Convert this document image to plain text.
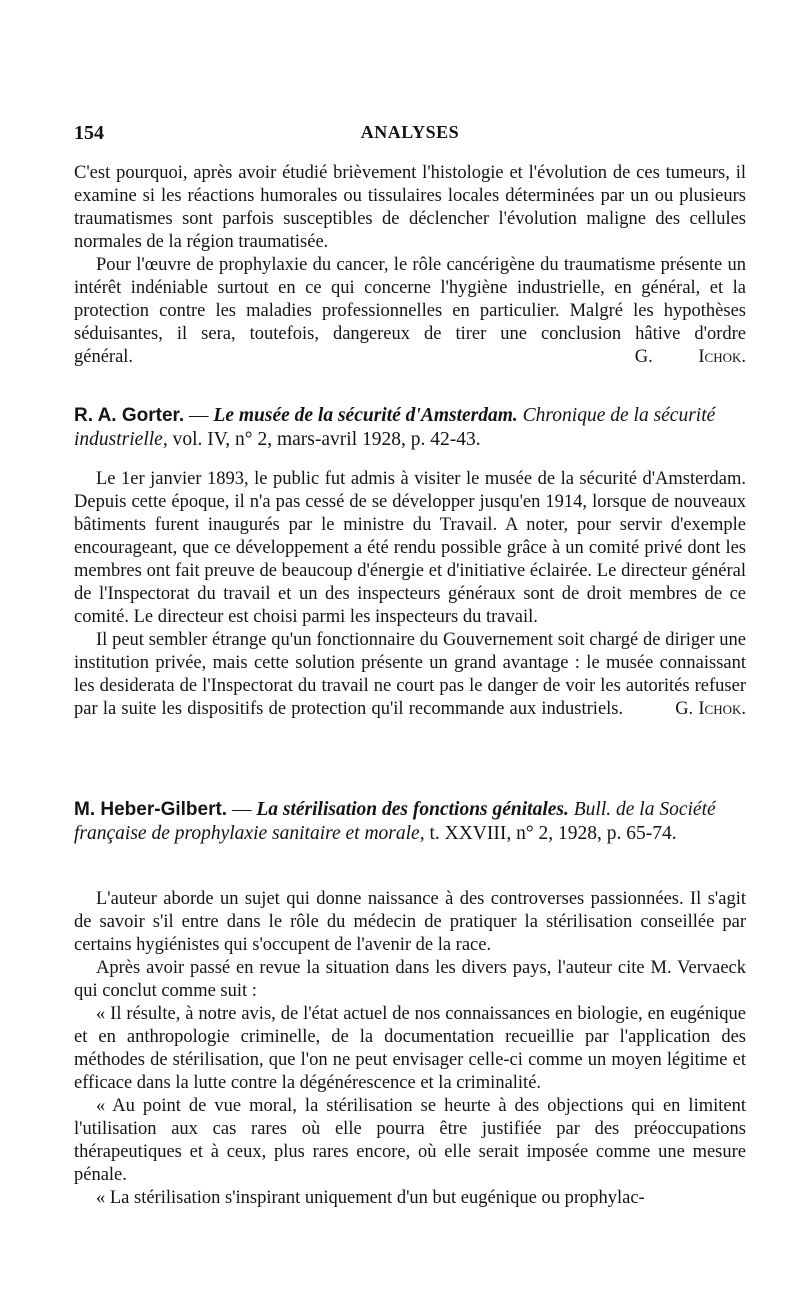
154	ANALYSES

C'est pourquoi, après avoir étudié brièvement l'histologie et l'évolution de ces tumeurs, il examine si les réactions humorales ou tissulaires locales déterminées par un ou plusieurs traumatismes sont parfois susceptibles de déclencher l'évolution maligne des cellules normales de la région traumatisée.

Pour l'œuvre de prophylaxie du cancer, le rôle cancérigène du traumatisme présente un intérêt indéniable surtout en ce qui concerne l'hygiène industrielle, en général, et la protection contre les maladies professionnelles en particulier. Malgré les hypothèses séduisantes, il sera, toutefois, dangereux de tirer une conclusion hâtive d'ordre général.	G. Ichok.

R. A. Gorter. — Le musée de la sécurité d'Amsterdam. Chronique de la sécurité industrielle, vol. IV, n° 2, mars-avril 1928, p. 42-43.

Le 1er janvier 1893, le public fut admis à visiter le musée de la sécurité d'Amsterdam. Depuis cette époque, il n'a pas cessé de se développer jusqu'en 1914, lorsque de nouveaux bâtiments furent inaugurés par le ministre du Travail. A noter, pour servir d'exemple encourageant, que ce développement a été rendu possible grâce à un comité privé dont les membres ont fait preuve de beaucoup d'énergie et d'initiative éclairée. Le directeur général de l'Inspectorat du travail et un des inspecteurs généraux sont de droit membres de ce comité. Le directeur est choisi parmi les inspecteurs du travail.

Il peut sembler étrange qu'un fonctionnaire du Gouvernement soit chargé de diriger une institution privée, mais cette solution présente un grand avantage : le musée connaissant les desiderata de l'Inspectorat du travail ne court pas le danger de voir les autorités refuser par la suite les dispositifs de protection qu'il recommande aux industriels.	G. Ichok.

M. Heber-Gilbert. — La stérilisation des fonctions génitales. Bull. de la Société française de prophylaxie sanitaire et morale, t. XXVIII, n° 2, 1928, p. 65-74.

L'auteur aborde un sujet qui donne naissance à des controverses passionnées. Il s'agit de savoir s'il entre dans le rôle du médecin de pratiquer la stérilisation conseillée par certains hygiénistes qui s'occupent de l'avenir de la race.

Après avoir passé en revue la situation dans les divers pays, l'auteur cite M. Vervaeck qui conclut comme suit :

« Il résulte, à notre avis, de l'état actuel de nos connaissances en biologie, en eugénique et en anthropologie criminelle, de la documentation recueillie par l'application des méthodes de stérilisation, que l'on ne peut envisager celle-ci comme un moyen légitime et efficace dans la lutte contre la dégénérescence et la criminalité.

« Au point de vue moral, la stérilisation se heurte à des objections qui en limitent l'utilisation aux cas rares où elle pourra être justifiée par des préoccupations thérapeutiques et à ceux, plus rares encore, où elle serait imposée comme une mesure pénale.

« La stérilisation s'inspirant uniquement d'un but eugénique ou prophylac-
